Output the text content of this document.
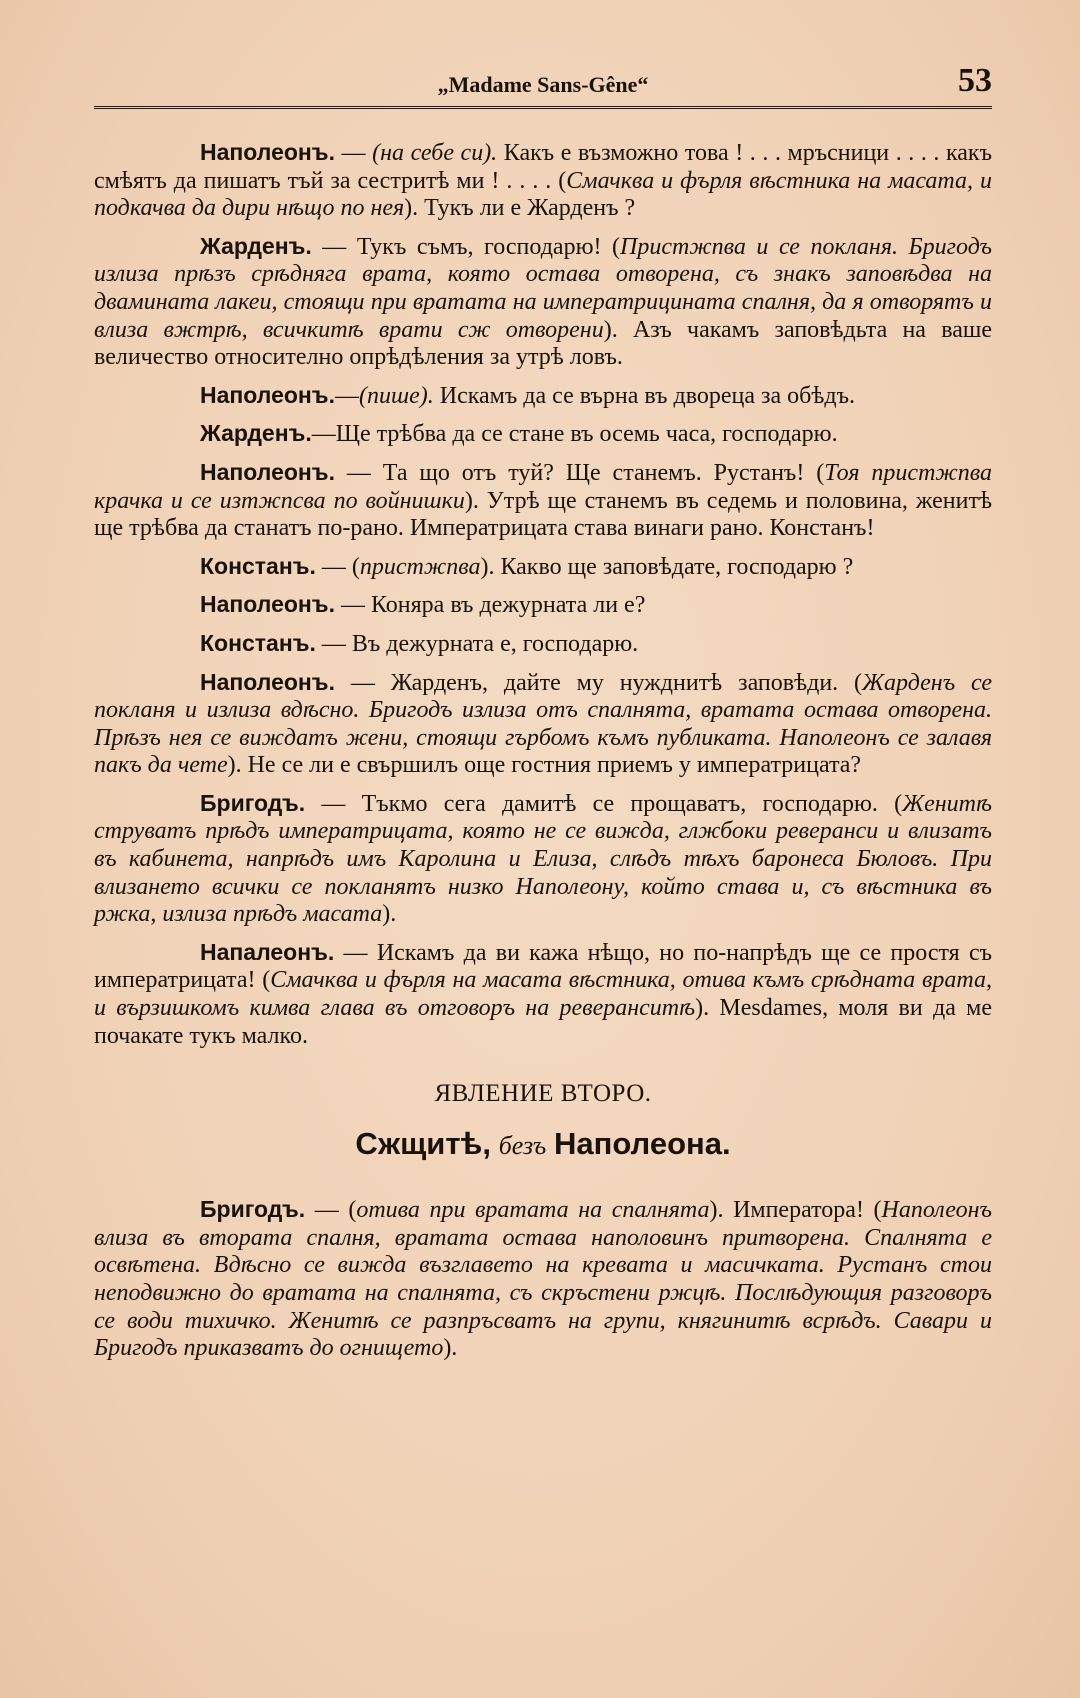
„Madame Sans-Gêne“	53

Наполеонъ. — (на себе си). Какъ е възможно това ! . . . мръсници . . . . какъ смѣятъ да пишатъ тъй за сестритѣ ми ! . . . . (Смачква и фърля вѣстника на масата, и подкачва да дири нѣщо по нея). Тукъ ли е Жарденъ ?

Жарденъ. — Тукъ съмъ, господарю! (Пристжпва и се покланя. Бригодъ излиза прѣзъ срѣдняга врата, която остава отворена, съ знакъ заповѣдва на двамината лакеи, стоящи при вратата на императрицината спалня, да я отворятъ и влиза вжтрѣ, всичкитѣ врати сж отворени). Азъ чакамъ заповѣдьта на ваше величество относително опрѣдѣления за утрѣ ловъ.

Наполеонъ.—(пише). Искамъ да се върна въ двореца за обѣдъ.

Жарденъ.—Ще трѣбва да се стане въ осемь часа, господарю.

Наполеонъ. — Та що отъ туй? Ще станемъ. Рустанъ! (Тоя пристжпва крачка и се изтжпсва по войнишки). Утрѣ ще станемъ въ седемь и половина, женитѣ ще трѣбва да станатъ по-рано. Императрицата става винаги рано. Констанъ!

Констанъ. — (пристжпва). Какво ще заповѣдате, господарю ?

Наполеонъ. — Коняра въ дежурната ли е?

Констанъ. — Въ дежурната е, господарю.

Наполеонъ. — Жарденъ, дайте му нужднитѣ заповѣди. (Жарденъ се покланя и излиза вдѣсно. Бригодъ излиза отъ спалнята, вратата остава отворена. Прѣзъ нея се виждатъ жени, стоящи гърбомъ къмъ публиката. Наполеонъ се залавя пакъ да чете). Не се ли е свършилъ още гостния приемъ у императрицата?

Бригодъ. — Тъкмо сега дамитѣ се прощаватъ, господарю. (Женитѣ струватъ прѣдъ императрицата, която не се вижда, глжбоки реверанси и влизатъ въ кабинета, напрѣдъ имъ Каролина и Елиза, слѣдъ тѣхъ баронеса Бюловъ. При влизането всички се покланятъ низко Наполеону, който става и, съ вѣстника въ ржка, излиза прѣдъ масата).

Напалеонъ. — Искамъ да ви кажа нѣщо, но по-напрѣдъ ще се простя съ императрицата! (Смачква и фърля на масата вѣстника, отива къмъ срѣдната врата, и вързишкомъ кимва глава въ отговоръ на реверанситѣ). Mesdames, моля ви да ме почакате тукъ малко.

ЯВЛЕНИЕ ВТОРО.
Сжщитѣ, безъ Наполеона.

Бригодъ. — (отива при вратата на спалнята). Императора! (Наполеонъ влиза въ втората спалня, вратата остава наполовинъ притворена. Спалнята е освѣтена. Вдѣсно се вижда възглавето на кревата и масичката. Рустанъ стои неподвижно до вратата на спалнята, съ скръстени ржцѣ. Послѣдующия разговоръ се води тихичко. Женитѣ се разпръсватъ на групи, княгинитѣ всрѣдъ. Савари и Бригодъ приказватъ до огнището).
